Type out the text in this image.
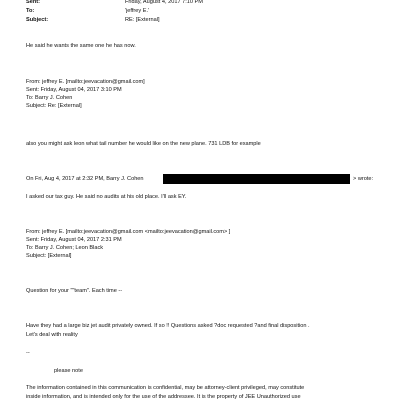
Sent:	Friday, August 4, 2017 7:10 PM
To:	'jeffrey E.'
Subject:	RE: [External]
He said he wants the same one he has now.
From: jeffrey E. [mailto:jeevacation@gmail.com]
Sent: Friday, August 04, 2017 3:10 PM
To: Barry J. Cohen
Subject: Re: [External]
also you might ask leon what tail number he would like on the new plane. 731 LDB for example
On Fri, Aug 4, 2017 at 2:32 PM, Barry J. Cohen	> wrote:
I asked our tax guy. He said no audits at his old place. I'll ask EY.
From: jeffrey E. [mailto:jeevacation@gmail.com <mailto:jeevacation@gmail.com> ]
Sent: Friday, August 04, 2017 2:31 PM
To: Barry J. Cohen; Leon Black
Subject: [External]
Question for your ""team". Each time --
Have they had a large biz jet audit privately owned. If so !! Questions asked ?doc requested ?and final disposition .
Let's deal with reality
--
please note
The information contained in this communication is confidential, may be attorney-client privileged, may constitute
inside information, and is intended only for the use of the addressee. It is the property of JEE Unauthorized use
